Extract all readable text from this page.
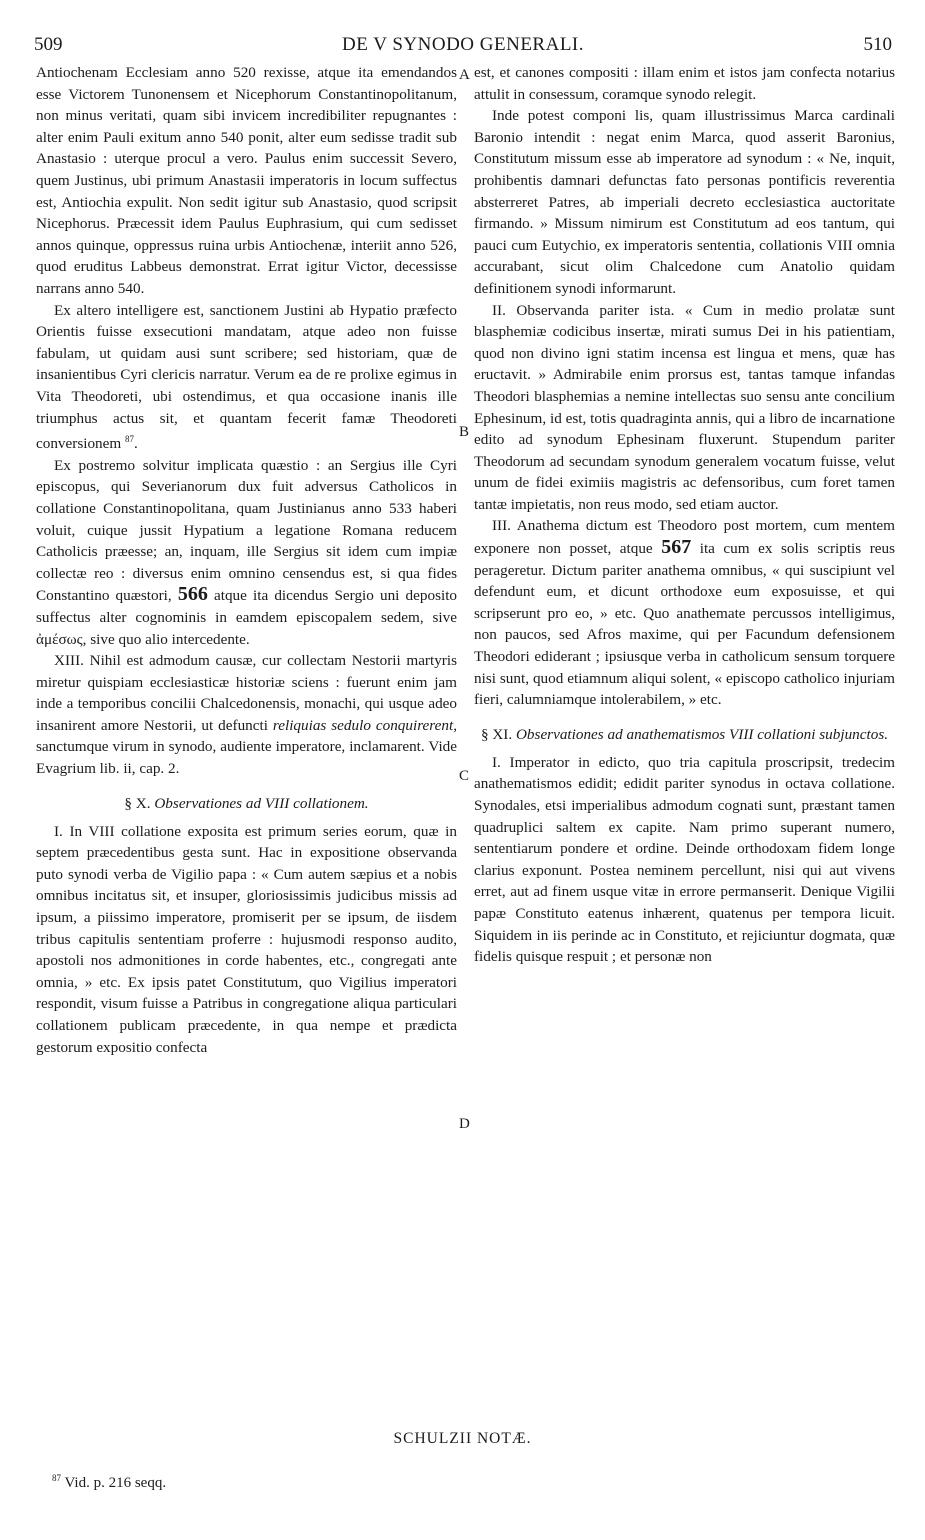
509	DE V SYNODO GENERALI.	510
A
B
C
D

Antiochenam Ecclesiam anno 520 rexisse, atque ita emendandos esse Victorem Tunonensem et Nicephorum Constantinopolitanum, non minus veritati, quam sibi invicem incredibiliter repugnantes : alter enim Pauli exitum anno 540 ponit, alter eum sedisse tradit sub Anastasio : uterque procul a vero. Paulus enim successit Severo, quem Justinus, ubi primum Anastasii imperatoris in locum suffectus est, Antiochia expulit. Non sedit igitur sub Anastasio, quod scripsit Nicephorus. Præcessit idem Paulus Euphrasium, qui cum sedisset annos quinque, oppressus ruina urbis Antiochenæ, interiit anno 526, quod eruditus Labbeus demonstrat. Errat igitur Victor, decessisse narrans anno 540.

Ex altero intelligere est, sanctionem Justini ab Hypatio præfecto Orientis fuisse exsecutioni mandatam, atque adeo non fuisse fabulam, ut quidam ausi sunt scribere; sed historiam, quæ de insanientibus Cyri clericis narratur. Verum ea de re prolixe egimus in Vita Theodoreti, ubi ostendimus, et qua occasione inanis ille triumphus actus sit, et quantam fecerit famæ Theodoreti conversionem $^{87}$.

Ex postremo solvitur implicata quæstio : an Sergius ille Cyri episcopus, qui Severianorum dux fuit adversus Catholicos in collatione Constantinopolitana, quam Justinianus anno 533 haberi voluit, cuique jussit Hypatium a legatione Romana reducem Catholicis præesse; an, inquam, ille Sergius sit idem cum impiæ collectæ reo : diversus enim omnino censendus est, si qua fides Constantino quæstori, 566 atque ita dicendus Sergio uni deposito suffectus alter cognominis in eamdem episcopalem sedem, sive ἀμέσως, sive quo alio intercedente.

XIII. Nihil est admodum causæ, cur collectam Nestorii martyris miretur quispiam ecclesiasticæ historiæ sciens : fuerunt enim jam inde a temporibus concilii Chalcedonensis, monachi, qui usque adeo insanirent amore Nestorii, ut defuncti reliquias sedulo conquirerent, sanctumque virum in synodo, audiente imperatore, inclamarent. Vide Evagrium lib. ii, cap. 2.

§ X. Observationes ad VIII collationem.

I. In VIII collatione exposita est primum series eorum, quæ in septem præcedentibus gesta sunt. Hac in expositione observanda puto synodi verba de Vigilio papa : « Cum autem sæpius et a nobis omnibus incitatus sit, et insuper, gloriosissimis judicibus missis ad ipsum, a piissimo imperatore, promiserit per se ipsum, de iisdem tribus capitulis sententiam proferre : hujusmodi responso audito, apostoli nos admonitiones in corde habentes, etc., congregati ante omnia, » etc. Ex ipsis patet Constitutum, quo Vigilius imperatori respondit, visum fuisse a Patribus in congregatione aliqua particulari collationem publicam præcedente, in qua nempe et prædicta gestorum expositio confecta

est, et canones compositi : illam enim et istos jam confecta notarius attulit in consessum, coramque synodo relegit.

Inde potest componi lis, quam illustrissimus Marca cardinali Baronio intendit : negat enim Marca, quod asserit Baronius, Constitutum missum esse ab imperatore ad synodum : « Ne, inquit, prohibentis damnari defunctas fato personas pontificis reverentia absterreret Patres, ab imperiali decreto ecclesiastica auctoritate firmando. » Missum nimirum est Constitutum ad eos tantum, qui pauci cum Eutychio, ex imperatoris sententia, collationis VIII omnia accurabant, sicut olim Chalcedone cum Anatolio quidam definitionem synodi informarunt.

II. Observanda pariter ista. « Cum in medio prolatæ sunt blasphemiæ codicibus insertæ, mirati sumus Dei in his patientiam, quod non divino igni statim incensa est lingua et mens, quæ has eructavit. » Admirabile enim prorsus est, tantas tamque infandas Theodori blasphemias a nemine intellectas suo sensu ante concilium Ephesinum, id est, totis quadraginta annis, qui a libro de incarnatione edito ad synodum Ephesinam fluxerunt. Stupendum pariter Theodorum ad secundam synodum generalem vocatum fuisse, velut unum de fidei eximiis magistris ac defensoribus, cum foret tamen tantæ impietatis, non reus modo, sed etiam auctor.

III. Anathema dictum est Theodoro post mortem, cum mentem exponere non posset, atque 567 ita cum ex solis scriptis reus perageretur. Dictum pariter anathema omnibus, « qui suscipiunt vel defendunt eum, et dicunt orthodoxe eum exposuisse, et qui scripserunt pro eo, » etc. Quo anathemate percussos intelligimus, non paucos, sed Afros maxime, qui per Facundum defensionem Theodori ediderant ; ipsiusque verba in catholicum sensum torquere nisi sunt, quod etiamnum aliqui solent, « episcopo catholico injuriam fieri, calumniamque intolerabilem, » etc.

§ XI. Observationes ad anathematismos VIII collationi subjunctos.

I. Imperator in edicto, quo tria capitula proscripsit, tredecim anathematismos edidit; edidit pariter synodus in octava collatione. Synodales, etsi imperialibus admodum cognati sunt, præstant tamen quadruplici saltem ex capite. Nam primo superant numero, sententiarum pondere et ordine. Deinde orthodoxam fidem longe clarius exponunt. Postea neminem percellunt, nisi qui aut vivens erret, aut ad finem usque vitæ in errore permanserit. Denique Vigilii papæ Constituto eatenus inhærent, quatenus per tempora licuit. Siquidem in iis perinde ac in Constituto, et rejiciuntur dogmata, quæ fidelis quisque respuit ; et personæ non

SCHULZII NOTÆ.
$^{87}$ Vid. p. 216 seqq.
